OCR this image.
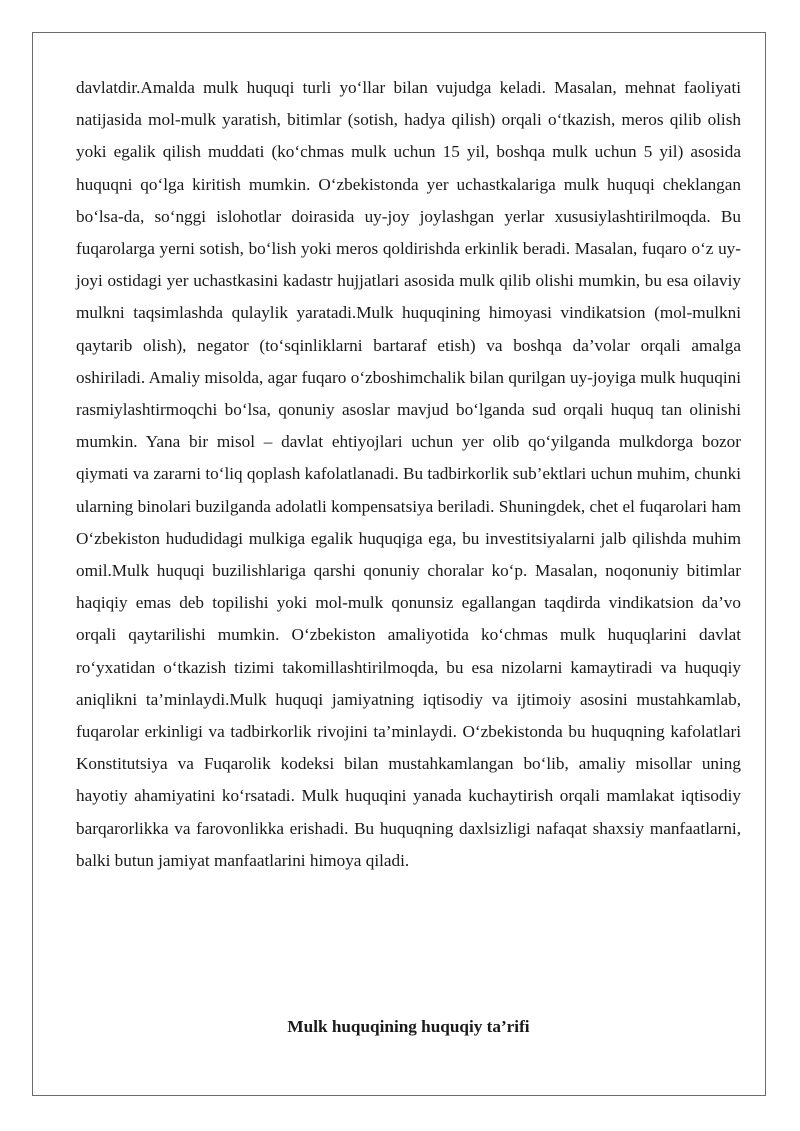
davlatdir.Amalda mulk huquqi turli yo‘llar bilan vujudga keladi. Masalan, mehnat faoliyati natijasida mol-mulk yaratish, bitimlar (sotish, hadya qilish) orqali o‘tkazish, meros qilib olish yoki egalik qilish muddati (ko‘chmas mulk uchun 15 yil, boshqa mulk uchun 5 yil) asosida huquqni qo‘lga kiritish mumkin. O‘zbekistonda yer uchastkalariga mulk huquqi cheklangan bo‘lsa-da, so‘nggi islohotlar doirasida uy-joy joylashgan yerlar xususiylashtirilmoqda. Bu fuqarolarga yerni sotish, bo‘lish yoki meros qoldirishda erkinlik beradi. Masalan, fuqaro o‘z uy-joyi ostidagi yer uchastkasini kadastr hujjatlari asosida mulk qilib olishi mumkin, bu esa oilaviy mulkni taqsimlashda qulaylik yaratadi.Mulk huquqining himoyasi vindikatsion (mol-mulkni qaytarib olish), negator (to‘sqinliklarni bartaraf etish) va boshqa da’volar orqali amalga oshiriladi. Amaliy misolda, agar fuqaro o‘zboshimchalik bilan qurilgan uy-joyiga mulk huquqini rasmiylashtirmoqchi bo‘lsa, qonuniy asoslar mavjud bo‘lganda sud orqali huquq tan olinishi mumkin. Yana bir misol – davlat ehtiyojlari uchun yer olib qo‘yilganda mulkdorga bozor qiymati va zararni to‘liq qoplash kafolatlanadi. Bu tadbirkorlik sub’ektlari uchun muhim, chunki ularning binolari buzilganda adolatli kompensatsiya beriladi. Shuningdek, chet el fuqarolari ham O‘zbekiston hududidagi mulkiga egalik huquqiga ega, bu investitsiyalarni jalb qilishda muhim omil.Mulk huquqi buzilishlariga qarshi qonuniy choralar ko‘p. Masalan, noqonuniy bitimlar haqiqiy emas deb topilishi yoki mol-mulk qonunsiz egallangan taqdirda vindikatsion da’vo orqali qaytarilishi mumkin. O‘zbekiston amaliyotida ko‘chmas mulk huquqlarini davlat ro‘yxatidan o‘tkazish tizimi takomillashtirilmoqda, bu esa nizolarni kamaytiradi va huquqiy aniqlikni ta’minlaydi.Mulk huquqi jamiyatning iqtisodiy va ijtimoiy asosini mustahkamlab, fuqarolar erkinligi va tadbirkorlik rivojini ta’minlaydi. O‘zbekistonda bu huquqning kafolatlari Konstitutsiya va Fuqarolik kodeksi bilan mustahkamlangan bo‘lib, amaliy misollar uning hayotiy ahamiyatini ko‘rsatadi. Mulk huquqini yanada kuchaytirish orqali mamlakat iqtisodiy barqarorlikka va farovonlikka erishadi. Bu huquqning daxlsizligi nafaqat shaxsiy manfaatlarni, balki butun jamiyat manfaatlarini himoya qiladi.

Mulk huquqining huquqiy ta’rifi
